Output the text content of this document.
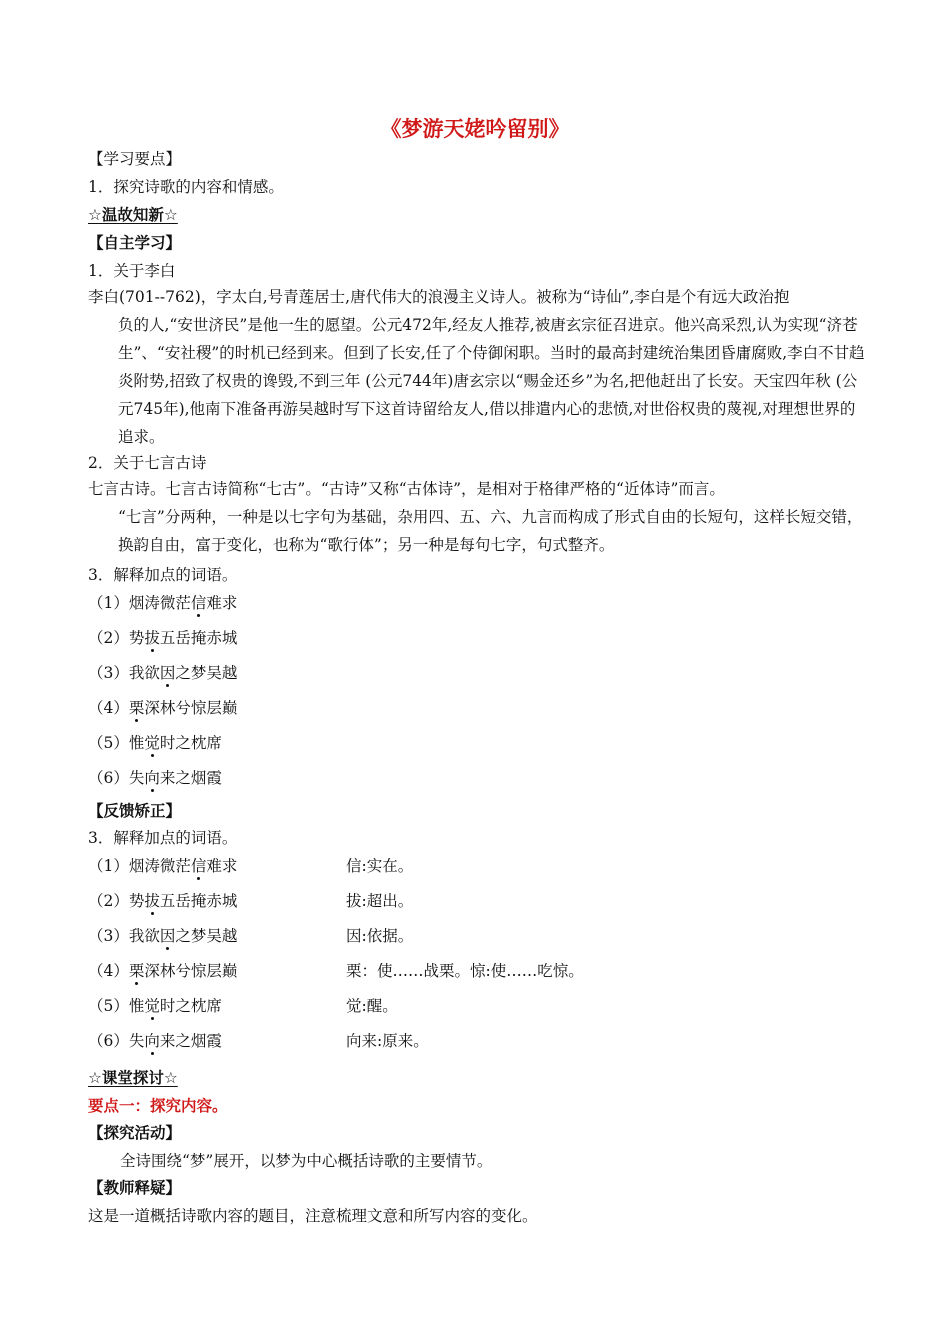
《梦游天姥吟留别》
【学习要点】
1．探究诗歌的内容和情感。
☆温故知新☆
【自主学习】
1．关于李白
李白(701--762)，字太白,号青莲居士,唐代伟大的浪漫主义诗人。被称为“诗仙”,李白是个有远大政治抱
负的人,“安世济民”是他一生的愿望。公元472年,经友人推荐,被唐玄宗征召进京。他兴高采烈,认为实现“济苍生”、“安社稷”的时机已经到来。但到了长安,任了个侍御闲职。当时的最高封建统治集团昏庸腐败,李白不甘趋炎附势,招致了权贵的谗毁,不到三年 (公元744年)唐玄宗以“赐金还乡”为名,把他赶出了长安。天宝四年秋 (公元745年),他南下准备再游吴越时写下这首诗留给友人,借以排遣内心的悲愤,对世俗权贵的蔑视,对理想世界的追求。
2．关于七言古诗
七言古诗。七言古诗简称“七古”。“古诗”又称“古体诗”，是相对于格律严格的“近体诗”而言。
“七言”分两种，一种是以七字句为基础，杂用四、五、六、九言而构成了形式自由的长短句，这样长短交错，换韵自由，富于变化，也称为“歌行体”；另一种是每句七字，句式整齐。
3．解释加点的词语。
（1）烟涛微茫信难求
（2）势拔五岳掩赤城
（3）我欲因之梦吴越
（4）栗深林兮惊层巅
（5）惟觉时之枕席
（6）失向来之烟霞
【反馈矫正】
3．解释加点的词语。
（1）烟涛微茫信难求	信:实在。
（2）势拔五岳掩赤城	拔:超出。
（3）我欲因之梦吴越	因:依据。
（4）栗深林兮惊层巅	栗：使……战栗。惊:使……吃惊。
（5）惟觉时之枕席	觉:醒。
（6）失向来之烟霞	向来:原来。
☆课堂探讨☆
要点一：探究内容。
【探究活动】
全诗围绕“梦”展开，以梦为中心概括诗歌的主要情节。
【教师释疑】
这是一道概括诗歌内容的题目，注意梳理文意和所写内容的变化。
